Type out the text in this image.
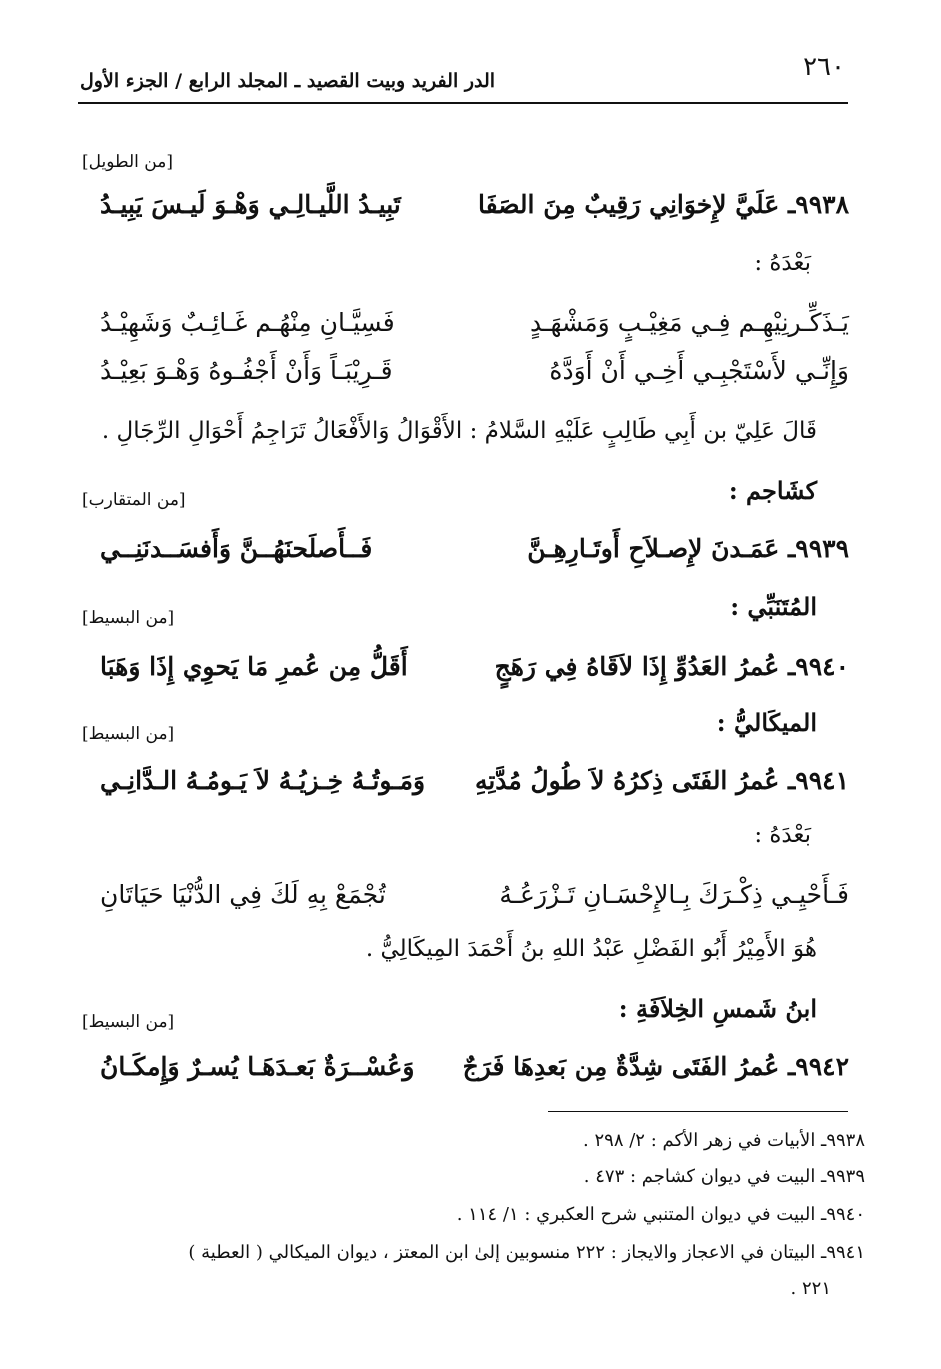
٢٦٠
الدر الفريد وبيت القصيد ـ المجلد الرابع / الجزء الأول
[من الطويل]
٩٩٣٨ـ عَلَيَّ لإِخوَانِي رَقِيبٌ مِنَ الصَفَا
تَبِيـدُ اللَّيـالِـي وَهْـوَ لَيـسَ يَبِيـدُ
بَعْدَهُ :
يَـذَكِّـرنِيْهِـم فِـي مَغِيْـبٍ وَمَشْهَـدٍ
فَسِيَّـانِ مِنْهُـم غَـائِـبٌ وَشَهِيْـدُ
وَإِنِّـي لأَسْتَجْبِـي أَخِـي أَنْ أَوَدَّهُ
قَـرِيْبَـاً وَأَنْ أَجْفُـوهُ وَهْـوَ بَعِيْـدُ
قَالَ عَلِيّ بن أَبِي طَالِبٍ عَلَيْهِ السَّلامُ : الأَقْوَالُ وَالأَفْعَالُ تَرَاجِمُ أَحْوَالِ الرِّجَالِ .
كشَاجم :
[من المتقارب]
٩٩٣٩ـ عَمَـدنَ لإِصـلاَحِ أَوتَـارِهِـنَّ
فَــأَصلَحنَهُــنَّ وَأَفسَــدنَنِــي
المُتَنَبِّي :
[من البسيط]
٩٩٤٠ـ عُمرُ العَدُوِّ إِذَا لاَقَاهُ فِي رَهَجٍ
أَقَلُّ مِن عُمرِ مَا يَحوِي إِذَا وَهَبَا
الميكَاليُّ :
[من البسيط]
٩٩٤١ـ عُمرُ الفَتَى ذِكرُهُ لاَ طُولُ مُدَّتِهِ
وَمَـوتُـهُ خِـزيُـهُ لاَ يَـومُـهُ الـدَّانِـي
بَعْدَهُ :
فَـأَحْيِـي ذِكْـرَكَ بِـالإِحْسَـانِ تَـزْرَعُـهُ
تُجْمَعْ بِهِ لَكَ فِي الدُّنْيَا حَيَاتَانِ
هُوَ الأَمِيْرُ أَبُو الفَضْلِ عَبْدُ اللهِ بنُ أَحْمَدَ المِيكَالِيُّ .
ابنُ شَمسِ الخِلاَفَةِ :
[من البسيط]
٩٩٤٢ـ عُمرُ الفَتَى شِدَّةٌ مِن بَعدِهَا فَرَجٌ
وَعُسْــرَةٌ بَعـدَهَـا يُسـرٌ وَإِمكَـانُ
٩٩٣٨ـ الأبيات في زهر الأكم : ٢/ ٢٩٨ .
٩٩٣٩ـ البيت في ديوان كشاجم : ٤٧٣ .
٩٩٤٠ـ البيت في ديوان المتنبي شرح العكبري : ١/ ١١٤ .
٩٩٤١ـ البيتان في الاعجاز والايجاز : ٢٢٢ منسوبين إلىٰ ابن المعتز ، ديوان الميكالي ( العطية )
٢٢١ .
